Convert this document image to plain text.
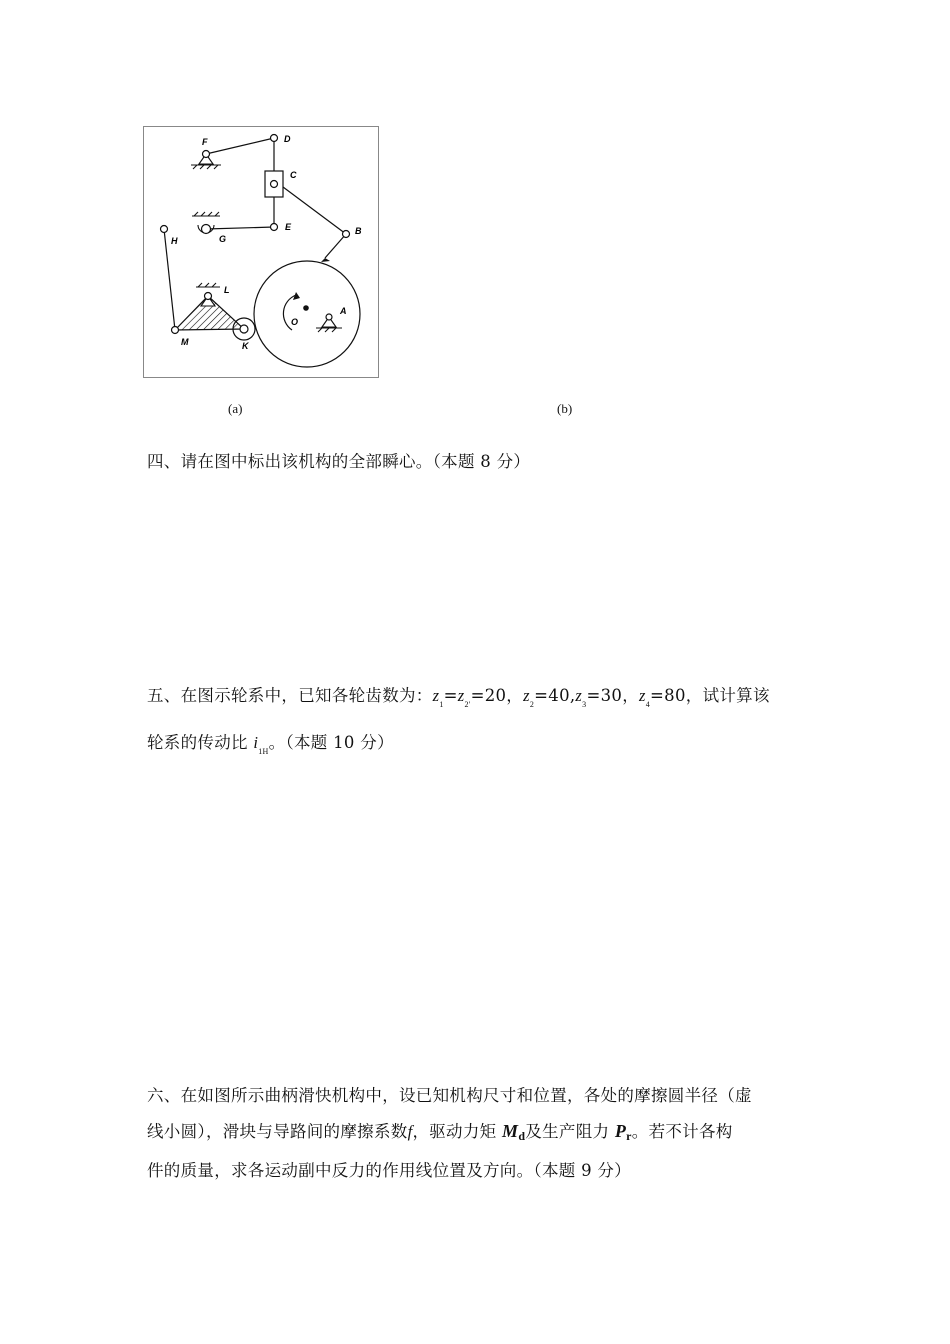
F	D
C
B
E
G
H
L
A
O
M	K
(a)	(b)
四、请在图中标出该机构的全部瞬心。（本题 8 分）
五、在图示轮系中，已知各轮齿数为：$z_1=z_{2'}=20$，$z_2=40,z_3=30$，$z_4=80$，试计算该
轮系的传动比 $i_{1H}$。（本题 10 分）
六、在如图所示曲柄滑快机构中，设已知机构尺寸和位置，各处的摩擦圆半径（虚
线小圆），滑块与导路间的摩擦系数f，驱动力矩 Md及生产阻力 Pr。若不计各构
件的质量，求各运动副中反力的作用线位置及方向。（本题 9 分）
